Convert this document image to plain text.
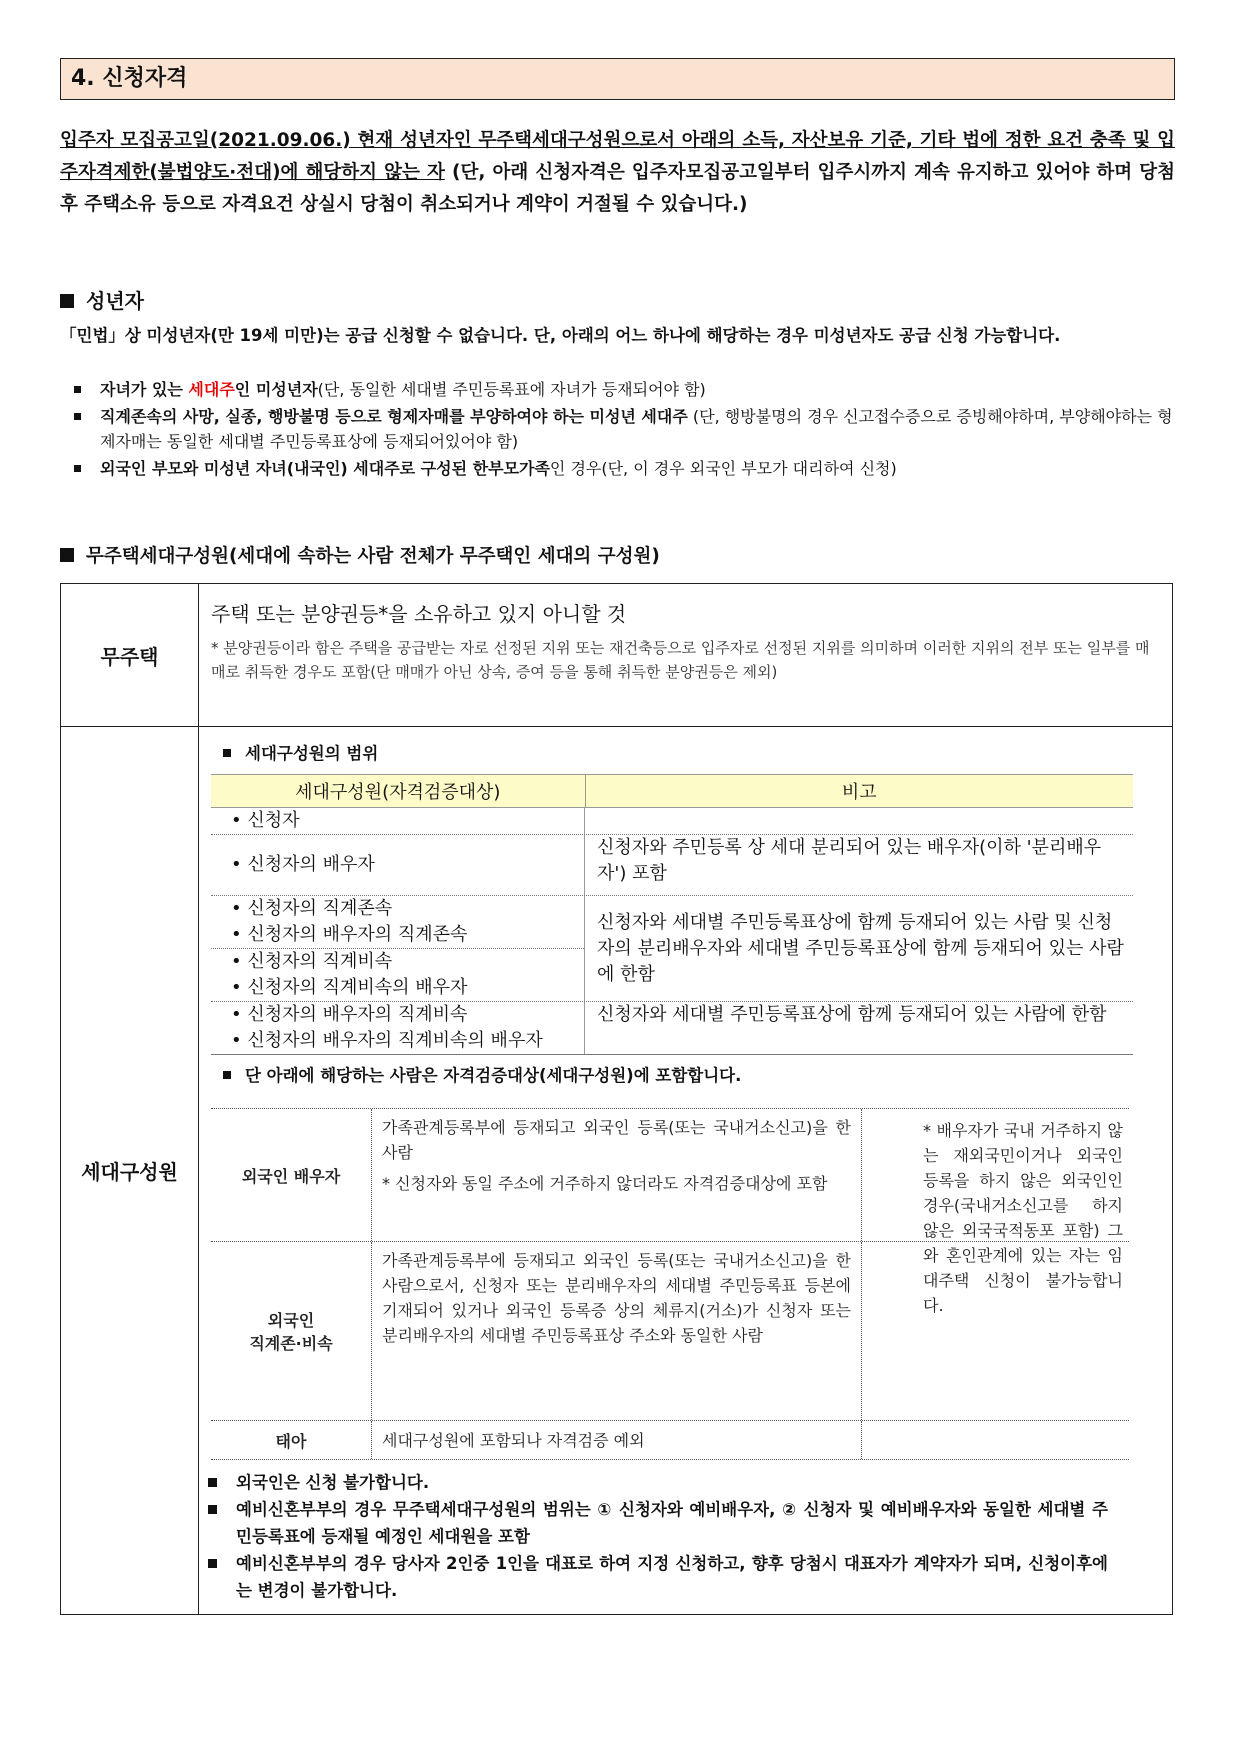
4. 신청자격
입주자 모집공고일(2021.09.06.) 현재 성년자인 무주택세대구성원으로서 아래의 소득, 자산보유 기준, 기타 법에 정한 요건 충족 및 입주자격제한(불법양도·전대)에 해당하지 않는 자 (단, 아래 신청자격은 입주자모집공고일부터 입주시까지 계속 유지하고 있어야 하며 당첨 후 주택소유 등으로 자격요건 상실시 당첨이 취소되거나 계약이 거절될 수 있습니다.)
성년자
「민법」상 미성년자(만 19세 미만)는 공급 신청할 수 없습니다. 단, 아래의 어느 하나에 해당하는 경우 미성년자도 공급 신청 가능합니다.
자녀가 있는 세대주인 미성년자(단, 동일한 세대별 주민등록표에 자녀가 등재되어야 함)
직계존속의 사망, 실종, 행방불명 등으로 형제자매를 부양하여야 하는 미성년 세대주 (단, 행방불명의 경우 신고접수증으로 증빙해야하며, 부양해야하는 형제자매는 동일한 세대별 주민등록표상에 등재되어있어야 함)
외국인 부모와 미성년 자녀(내국인) 세대주로 구성된 한부모가족인 경우(단, 이 경우 외국인 부모가 대리하여 신청)
무주택세대구성원(세대에 속하는 사람 전체가 무주택인 세대의 구성원)
무주택
주택 또는 분양권등*을 소유하고 있지 아니할 것
* 분양권등이라 함은 주택을 공급받는 자로 선정된 지위 또는 재건축등으로 입주자로 선정된 지위를 의미하며 이러한 지위의 전부 또는 일부를 매매로 취득한 경우도 포함(단 매매가 아닌 상속, 증여 등을 통해 취득한 분양권등은 제외)
세대구성원
세대구성원의 범위
단 아래에 해당하는 사람은 자격검증대상(세대구성원)에 포함합니다.
세대구성원(자격검증대상)	비고
• 신청자
• 신청자의 배우자
신청자와 주민등록 상 세대 분리되어 있는 배우자(이하 '분리배우자') 포함
• 신청자의 직계존속
• 신청자의 배우자의 직계존속
• 신청자의 직계비속
• 신청자의 직계비속의 배우자
신청자와 세대별 주민등록표상에 함께 등재되어 있는 사람 및 신청자의 분리배우자와 세대별 주민등록표상에 함께 등재되어 있는 사람에 한함
• 신청자의 배우자의 직계비속
• 신청자의 배우자의 직계비속의 배우자
신청자와 세대별 주민등록표상에 함께 등재되어 있는 사람에 한함
외국인 배우자
가족관계등록부에 등재되고 외국인 등록(또는 국내거소신고)을 한 사람
* 신청자와 동일 주소에 거주하지 않더라도 자격검증대상에 포함
외국인
직계존·비속
가족관계등록부에 등재되고 외국인 등록(또는 국내거소신고)을 한 사람으로서, 신청자 또는 분리배우자의 세대별 주민등록표 등본에 기재되어 있거나 외국인 등록증 상의 체류지(거소)가 신청자 또는 분리배우자의 세대별 주민등록표상 주소와 동일한 사람
태아	세대구성원에 포함되나 자격검증 예외
* 배우자가 국내 거주하지 않는 재외국민이거나 외국인 등록을 하지 않은 외국인인 경우(국내거소신고를 하지 않은 외국국적동포 포함) 그와 혼인관계에 있는 자는 임대주택 신청이 불가능합니다.
외국인은 신청 불가합니다.
예비신혼부부의 경우 무주택세대구성원의 범위는 ① 신청자와 예비배우자, ② 신청자 및 예비배우자와 동일한 세대별 주민등록표에 등재될 예정인 세대원을 포함
예비신혼부부의 경우 당사자 2인중 1인을 대표로 하여 지정 신청하고, 향후 당첨시 대표자가 계약자가 되며, 신청이후에는 변경이 불가합니다.
